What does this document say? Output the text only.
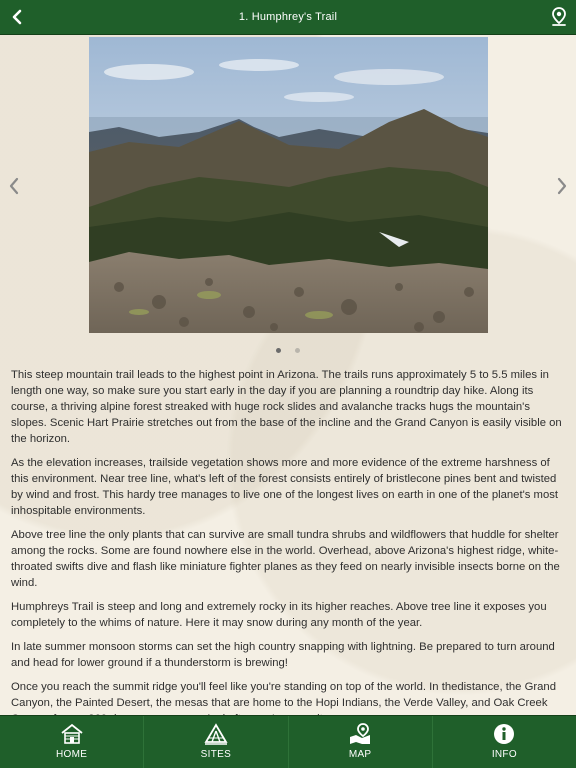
1. Humphrey's Trail

This steep mountain trail leads to the highest point in Arizona. The trails runs approximately 5 to 5.5 miles in length one way, so make sure you start early in the day if you are planning a roundtrip day hike. Along its course, a thriving alpine forest streaked with huge rock slides and avalanche tracks hugs the mountain's slopes. Scenic Hart Prairie stretches out from the base of the incline and the Grand Canyon is easily visible on the horizon.

As the elevation increases, trailside vegetation shows more and more evidence of the extreme harshness of this environment. Near tree line, what's left of the forest consists entirely of bristlecone pines bent and twisted by wind and frost. This hardy tree manages to live one of the longest lives on earth in one of the planet's most inhospitable environments.

Above tree line the only plants that can survive are small tundra shrubs and wildflowers that huddle for shelter among the rocks. Some are found nowhere else in the world. Overhead, above Arizona's highest ridge, white-throated swifts dive and flash like miniature fighter planes as they feed on nearly invisible insects borne on the wind.

Humphreys Trail is steep and long and extremely rocky in its higher reaches. Above tree line it exposes you completely to the whims of nature. Here it may snow during any month of the year.

In late summer monsoon storms can set the high country snapping with lightning. Be prepared to turn around and head for lower ground if a thunderstorm is brewing!

Once you reach the summit ridge you'll feel like you're standing on top of the world. In thedistance, the Grand Canyon, the Painted Desert, the mesas that are home to the Hopi Indians, the Verde Valley, and Oak Creek

HOME	SITES	MAP	INFO
